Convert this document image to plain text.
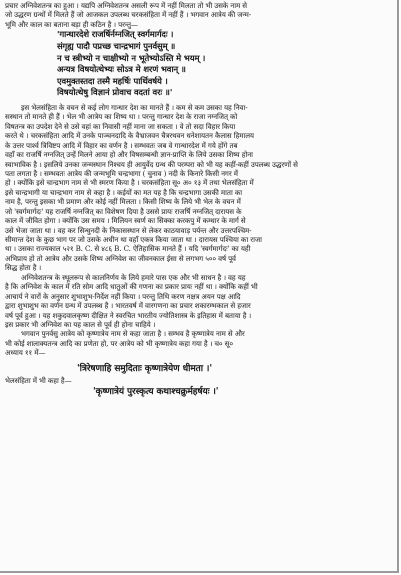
प्रचार अग्निवेशतन्त्र का हुआ । यद्यपि अग्निवेशतन्त्र असली रूप में नहीं मिलता तो भी उसके नाम से
जो उद्धरण ग्रन्थों में मिलते हैं जो आजकल उपलब्ध चरकसंहिता में नहीं हैं । भगवान आत्रेय की जन्म-
भूमि और काल का बताना बड़ा ही कठिन है । परन्तु—
'गान्धारदेशे राजर्षिर्नग्नजित् स्वर्गमार्गदः ।
संगृह्य पादौ पप्रच्छ चान्द्रभागं पुनर्वसुम् ॥
न च स्त्रीभ्यो न चाक्षीभ्यो न भूतेभ्योऽस्ति मे भयम् ।
अन्यत्र विषयोत्थेभ्यः सोऽत्र मे शरणं भवान् ॥
एवमुक्तस्तदा तस्मै महर्षिः पार्थिवर्षये ।
विषयोत्थेषु विज्ञानं प्रोवाच वदतां वरः ॥'
इस भेलसंहिता के वचन से कई लोग गान्धार देश का मानते हैं । कम से कम उसका यह निवा-
सस्थान तो मानते ही हैं । भेल भी आत्रेय का शिष्य था । परन्तु गान्धार देश के राजा नग्नजित् को
विषतन्त्र का उपदेश देने से उसे वहां का निवासी नहीं माना जा सकता । वे तो सदा विहार किया
करते थे । चरकसंहिता आदि में उनके पाञ्चनदादि के वैभ्राजवन चैत्ररथवन धनेशायतन कैलास हिमालय
के उत्तर पार्श्व त्रिविष्टप आदि में विहार का वर्णन है । सम्भवतः जब वे गान्धारदेश में गये होंगे तब
वहाँ का राजर्षि नग्नजित् उन्हें मिलने आया हो और विषसम्बन्धी ज्ञान-प्राप्ति के लिये उसका शिष्य होना
स्वाभाविक है । इसलिये उनका जन्मस्थान निश्चय ही आयुर्वेद ग्रन्थ की परम्परा को भी यह कहीं-कहीं उपलब्ध उद्धरणों से
पता लगता है । सम्भवतः आत्रेय की जन्मभूमि चन्द्रभागा ( चुनाव ) नदी के किनारे किसी नगर में
हो । क्योंकि इसे चान्द्रभाग नाम से भी स्मरण किया है । चरकसंहिता सू० अ० १३ में तथा भेलसंहिता में
इसे चान्द्रभागी या चान्द्रभाग नाम से कहा है । कईयों का मत यह है कि चन्द्रभागा उसकी माता का
नाम है, परन्तु इसका भी प्रमाण और कोई नहीं मिलता । किसी शिष्य के लिये भी भेल के वचन में
जो 'स्वर्गमार्गदः' यह राजर्षि नग्नजित् का विशेषण दिया है उससे प्रायः राजर्षि नग्नजित् दारायस के
काल में जीवित होगा । क्योंकि उस समय । मिलियन स्वर्ण का सिक्का करकपु में कम्धार के मार्ग से
उसे भेजा जाता था । वह कर सिन्धुनदी के निकासस्थान से लेकर काठयावाड़ पर्यन्त और उत्तरपश्चिम-
सीमान्त देश के कुछ भाग पर जो उसके अधीन था वहाँ एकत्र किया जाता था । दारायस पश्चिया का राजा
था । उसका राज्यकाल ५२१ B. C. से ४८६ B. C. ऐतिहासिक मानते हैं । यदि 'स्वर्गमार्गदः' का यही
अभिप्राय हो तो आत्रेय और उसके शिष्य अग्निवेश का जीवनकाल ईसा से लगभग ५०० वर्ष पूर्व
सिद्ध होता है ।
अग्निवेशतन्त्र के स्थूलरूप से कालनिर्णय के लिये हमारे पास एक और भी साधन है । वह यह
है कि अग्निवेश के काल में रति सोम आदि धातुओं की गणना का प्रकार प्रायः नहीं था । क्योंकि कहीं भी
आचार्य ने वारों के अनुसार शुभाशुभ-निर्देश नहीं किया । परन्तु तिथि करण नक्षत्र अयन पक्ष आदि
द्वारा शुभाशुभ का वर्णन ग्रन्थ में उपलब्ध है । भारतवर्ष में वारगणना का प्रचार शकारम्भकाल से हजार
वर्ष पूर्व हुआ । यह शकुदवालकृष्ण दीक्षित ने स्वरचित भारतीय ज्योतिशास्त्र के इतिहास में बताया है ।
इस प्रकार भी अग्निवेश का यह काल से पूर्व ही होना चाहिये ।
भगवान पुनर्वसु आत्रेय को कृष्णात्रेय नाम से कहा जाता है । सम्भव है कृष्णात्रेय नाम से और
भी कोई शालाक्यतन्त्र आदि का प्रणेता हो, पर आत्रेय को भी कृष्णात्रेय कहा गया है । च० सू०
अध्याय ११ में—
'त्रिरेषणाहि समुदिताः कृष्णात्रेयेण धीमता ।'
भेलसंहिता में भी कहा है—
'कृष्णात्रेयं पुरस्कृत्य कथाश्चक्रुर्महर्षयः ।'
